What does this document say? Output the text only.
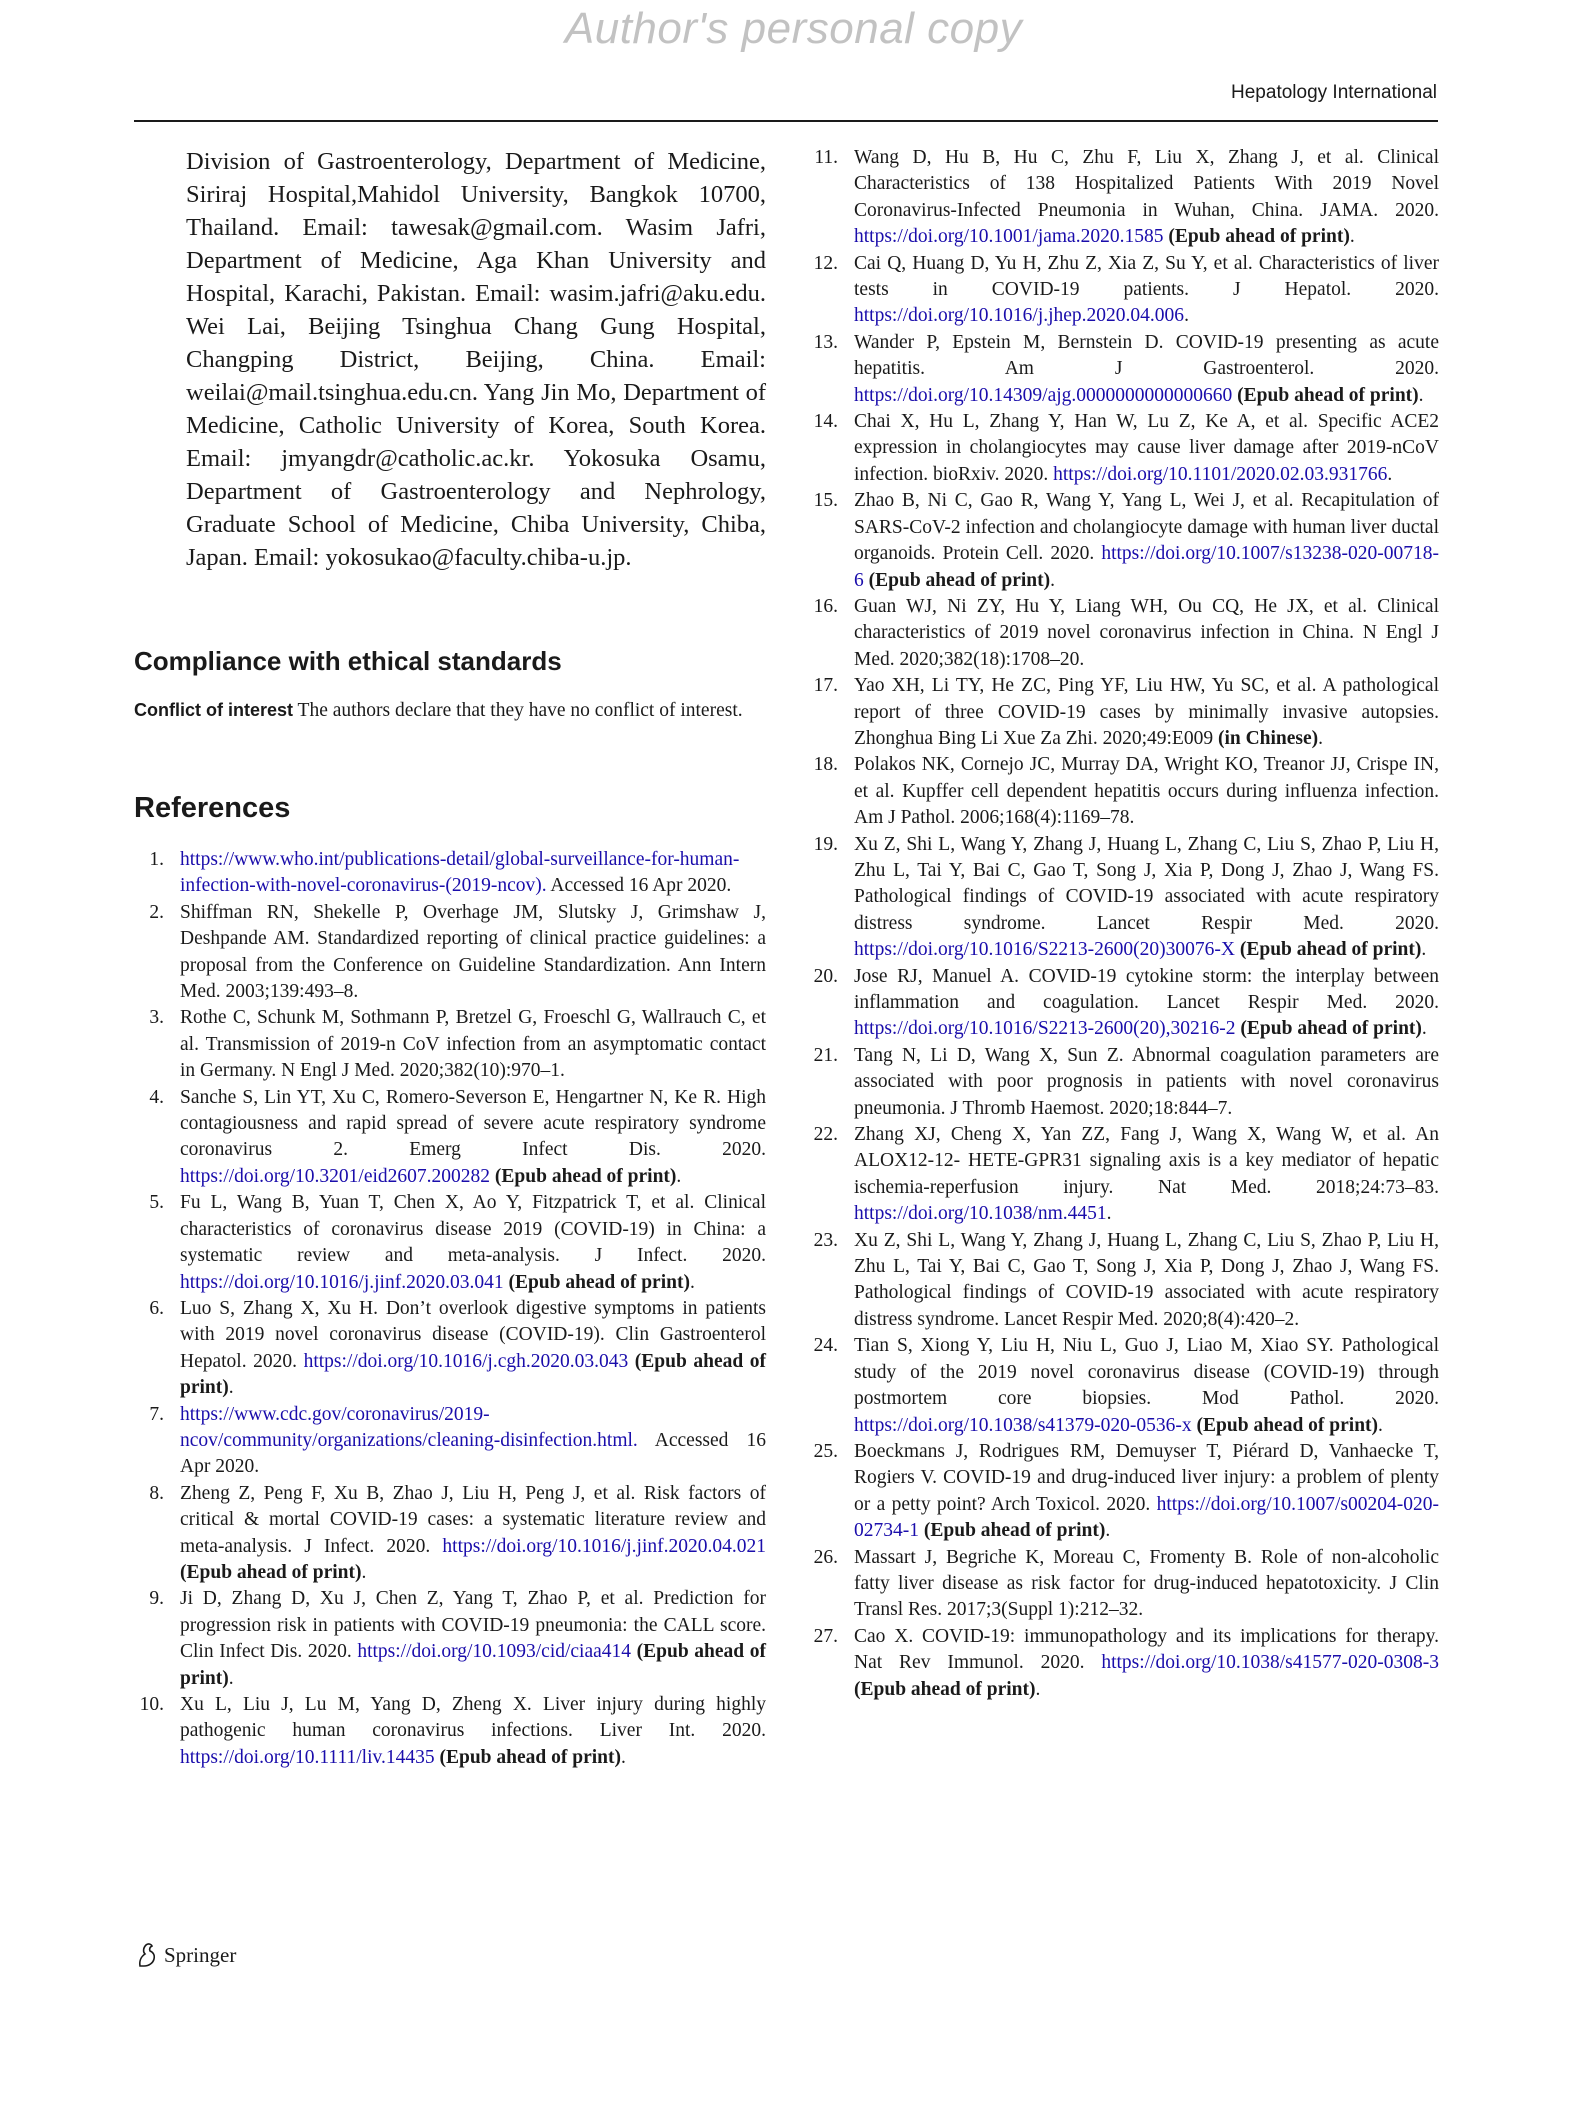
Author's personal copy
Hepatology International
Division of Gastroenterology, Department of Medicine, Siriraj Hospital,Mahidol University, Bangkok 10700, Thailand. Email: tawesak@gmail.com. Wasim Jafri, Department of Medicine, Aga Khan University and Hospital, Karachi, Pakistan. Email: wasim.jafri@aku.edu. Wei Lai, Beijing Tsinghua Chang Gung Hospital, Changping District, Beijing, China. Email: weilai@mail.tsinghua.edu.cn. Yang Jin Mo, Department of Medicine, Catholic University of Korea, South Korea. Email: jmyangdr@catholic.ac.kr. Yokosuka Osamu, Department of Gastroenterology and Nephrology, Graduate School of Medicine, Chiba University, Chiba, Japan. Email: yokosukao@faculty.chiba-u.jp.
Compliance with ethical standards
Conflict of interest The authors declare that they have no conflict of interest.
References
1. https://www.who.int/publications-detail/global-surveillance-for-human-infection-with-novel-coronavirus-(2019-ncov). Accessed 16 Apr 2020.
2. Shiffman RN, Shekelle P, Overhage JM, Slutsky J, Grimshaw J, Deshpande AM. Standardized reporting of clinical practice guidelines: a proposal from the Conference on Guideline Standardization. Ann Intern Med. 2003;139:493–8.
3. Rothe C, Schunk M, Sothmann P, Bretzel G, Froeschl G, Wallrauch C, et al. Transmission of 2019-n CoV infection from an asymptomatic contact in Germany. N Engl J Med. 2020;382(10):970–1.
4. Sanche S, Lin YT, Xu C, Romero-Severson E, Hengartner N, Ke R. High contagiousness and rapid spread of severe acute respiratory syndrome coronavirus 2. Emerg Infect Dis. 2020. https://doi.org/10.3201/eid2607.200282 (Epub ahead of print).
5. Fu L, Wang B, Yuan T, Chen X, Ao Y, Fitzpatrick T, et al. Clinical characteristics of coronavirus disease 2019 (COVID-19) in China: a systematic review and meta-analysis. J Infect. 2020. https://doi.org/10.1016/j.jinf.2020.03.041 (Epub ahead of print).
6. Luo S, Zhang X, Xu H. Don’t overlook digestive symptoms in patients with 2019 novel coronavirus disease (COVID-19). Clin Gastroenterol Hepatol. 2020. https://doi.org/10.1016/j.cgh.2020.03.043 (Epub ahead of print).
7. https://www.cdc.gov/coronavirus/2019-ncov/community/organizations/cleaning-disinfection.html. Accessed 16 Apr 2020.
8. Zheng Z, Peng F, Xu B, Zhao J, Liu H, Peng J, et al. Risk factors of critical & mortal COVID-19 cases: a systematic literature review and meta-analysis. J Infect. 2020. https://doi.org/10.1016/j.jinf.2020.04.021 (Epub ahead of print).
9. Ji D, Zhang D, Xu J, Chen Z, Yang T, Zhao P, et al. Prediction for progression risk in patients with COVID-19 pneumonia: the CALL score. Clin Infect Dis. 2020. https://doi.org/10.1093/cid/ciaa414 (Epub ahead of print).
10. Xu L, Liu J, Lu M, Yang D, Zheng X. Liver injury during highly pathogenic human coronavirus infections. Liver Int. 2020. https://doi.org/10.1111/liv.14435 (Epub ahead of print).
11. Wang D, Hu B, Hu C, Zhu F, Liu X, Zhang J, et al. Clinical Characteristics of 138 Hospitalized Patients With 2019 Novel Coronavirus-Infected Pneumonia in Wuhan, China. JAMA. 2020. https://doi.org/10.1001/jama.2020.1585 (Epub ahead of print).
12. Cai Q, Huang D, Yu H, Zhu Z, Xia Z, Su Y, et al. Characteristics of liver tests in COVID-19 patients. J Hepatol. 2020. https://doi.org/10.1016/j.jhep.2020.04.006.
13. Wander P, Epstein M, Bernstein D. COVID-19 presenting as acute hepatitis. Am J Gastroenterol. 2020. https://doi.org/10.14309/ajg.0000000000000660 (Epub ahead of print).
14. Chai X, Hu L, Zhang Y, Han W, Lu Z, Ke A, et al. Specific ACE2 expression in cholangiocytes may cause liver damage after 2019-nCoV infection. bioRxiv. 2020. https://doi.org/10.1101/2020.02.03.931766.
15. Zhao B, Ni C, Gao R, Wang Y, Yang L, Wei J, et al. Recapitulation of SARS-CoV-2 infection and cholangiocyte damage with human liver ductal organoids. Protein Cell. 2020. https://doi.org/10.1007/s13238-020-00718-6 (Epub ahead of print).
16. Guan WJ, Ni ZY, Hu Y, Liang WH, Ou CQ, He JX, et al. Clinical characteristics of 2019 novel coronavirus infection in China. N Engl J Med. 2020;382(18):1708–20.
17. Yao XH, Li TY, He ZC, Ping YF, Liu HW, Yu SC, et al. A pathological report of three COVID-19 cases by minimally invasive autopsies. Zhonghua Bing Li Xue Za Zhi. 2020;49:E009 (in Chinese).
18. Polakos NK, Cornejo JC, Murray DA, Wright KO, Treanor JJ, Crispe IN, et al. Kupffer cell dependent hepatitis occurs during influenza infection. Am J Pathol. 2006;168(4):1169–78.
19. Xu Z, Shi L, Wang Y, Zhang J, Huang L, Zhang C, Liu S, Zhao P, Liu H, Zhu L, Tai Y, Bai C, Gao T, Song J, Xia P, Dong J, Zhao J, Wang FS. Pathological findings of COVID-19 associated with acute respiratory distress syndrome. Lancet Respir Med. 2020. https://doi.org/10.1016/S2213-2600(20)30076-X (Epub ahead of print).
20. Jose RJ, Manuel A. COVID-19 cytokine storm: the interplay between inflammation and coagulation. Lancet Respir Med. 2020. https://doi.org/10.1016/S2213-2600(20),30216-2 (Epub ahead of print).
21. Tang N, Li D, Wang X, Sun Z. Abnormal coagulation parameters are associated with poor prognosis in patients with novel coronavirus pneumonia. J Thromb Haemost. 2020;18:844–7.
22. Zhang XJ, Cheng X, Yan ZZ, Fang J, Wang X, Wang W, et al. An ALOX12-12- HETE-GPR31 signaling axis is a key mediator of hepatic ischemia-reperfusion injury. Nat Med. 2018;24:73–83. https://doi.org/10.1038/nm.4451.
23. Xu Z, Shi L, Wang Y, Zhang J, Huang L, Zhang C, Liu S, Zhao P, Liu H, Zhu L, Tai Y, Bai C, Gao T, Song J, Xia P, Dong J, Zhao J, Wang FS. Pathological findings of COVID-19 associated with acute respiratory distress syndrome. Lancet Respir Med. 2020;8(4):420–2.
24. Tian S, Xiong Y, Liu H, Niu L, Guo J, Liao M, Xiao SY. Pathological study of the 2019 novel coronavirus disease (COVID-19) through postmortem core biopsies. Mod Pathol. 2020. https://doi.org/10.1038/s41379-020-0536-x (Epub ahead of print).
25. Boeckmans J, Rodrigues RM, Demuyser T, Piérard D, Vanhaecke T, Rogiers V. COVID-19 and drug-induced liver injury: a problem of plenty or a petty point? Arch Toxicol. 2020. https://doi.org/10.1007/s00204-020-02734-1 (Epub ahead of print).
26. Massart J, Begriche K, Moreau C, Fromenty B. Role of non-alcoholic fatty liver disease as risk factor for drug-induced hepatotoxicity. J Clin Transl Res. 2017;3(Suppl 1):212–32.
27. Cao X. COVID-19: immunopathology and its implications for therapy. Nat Rev Immunol. 2020. https://doi.org/10.1038/s41577-020-0308-3 (Epub ahead of print).
Springer
